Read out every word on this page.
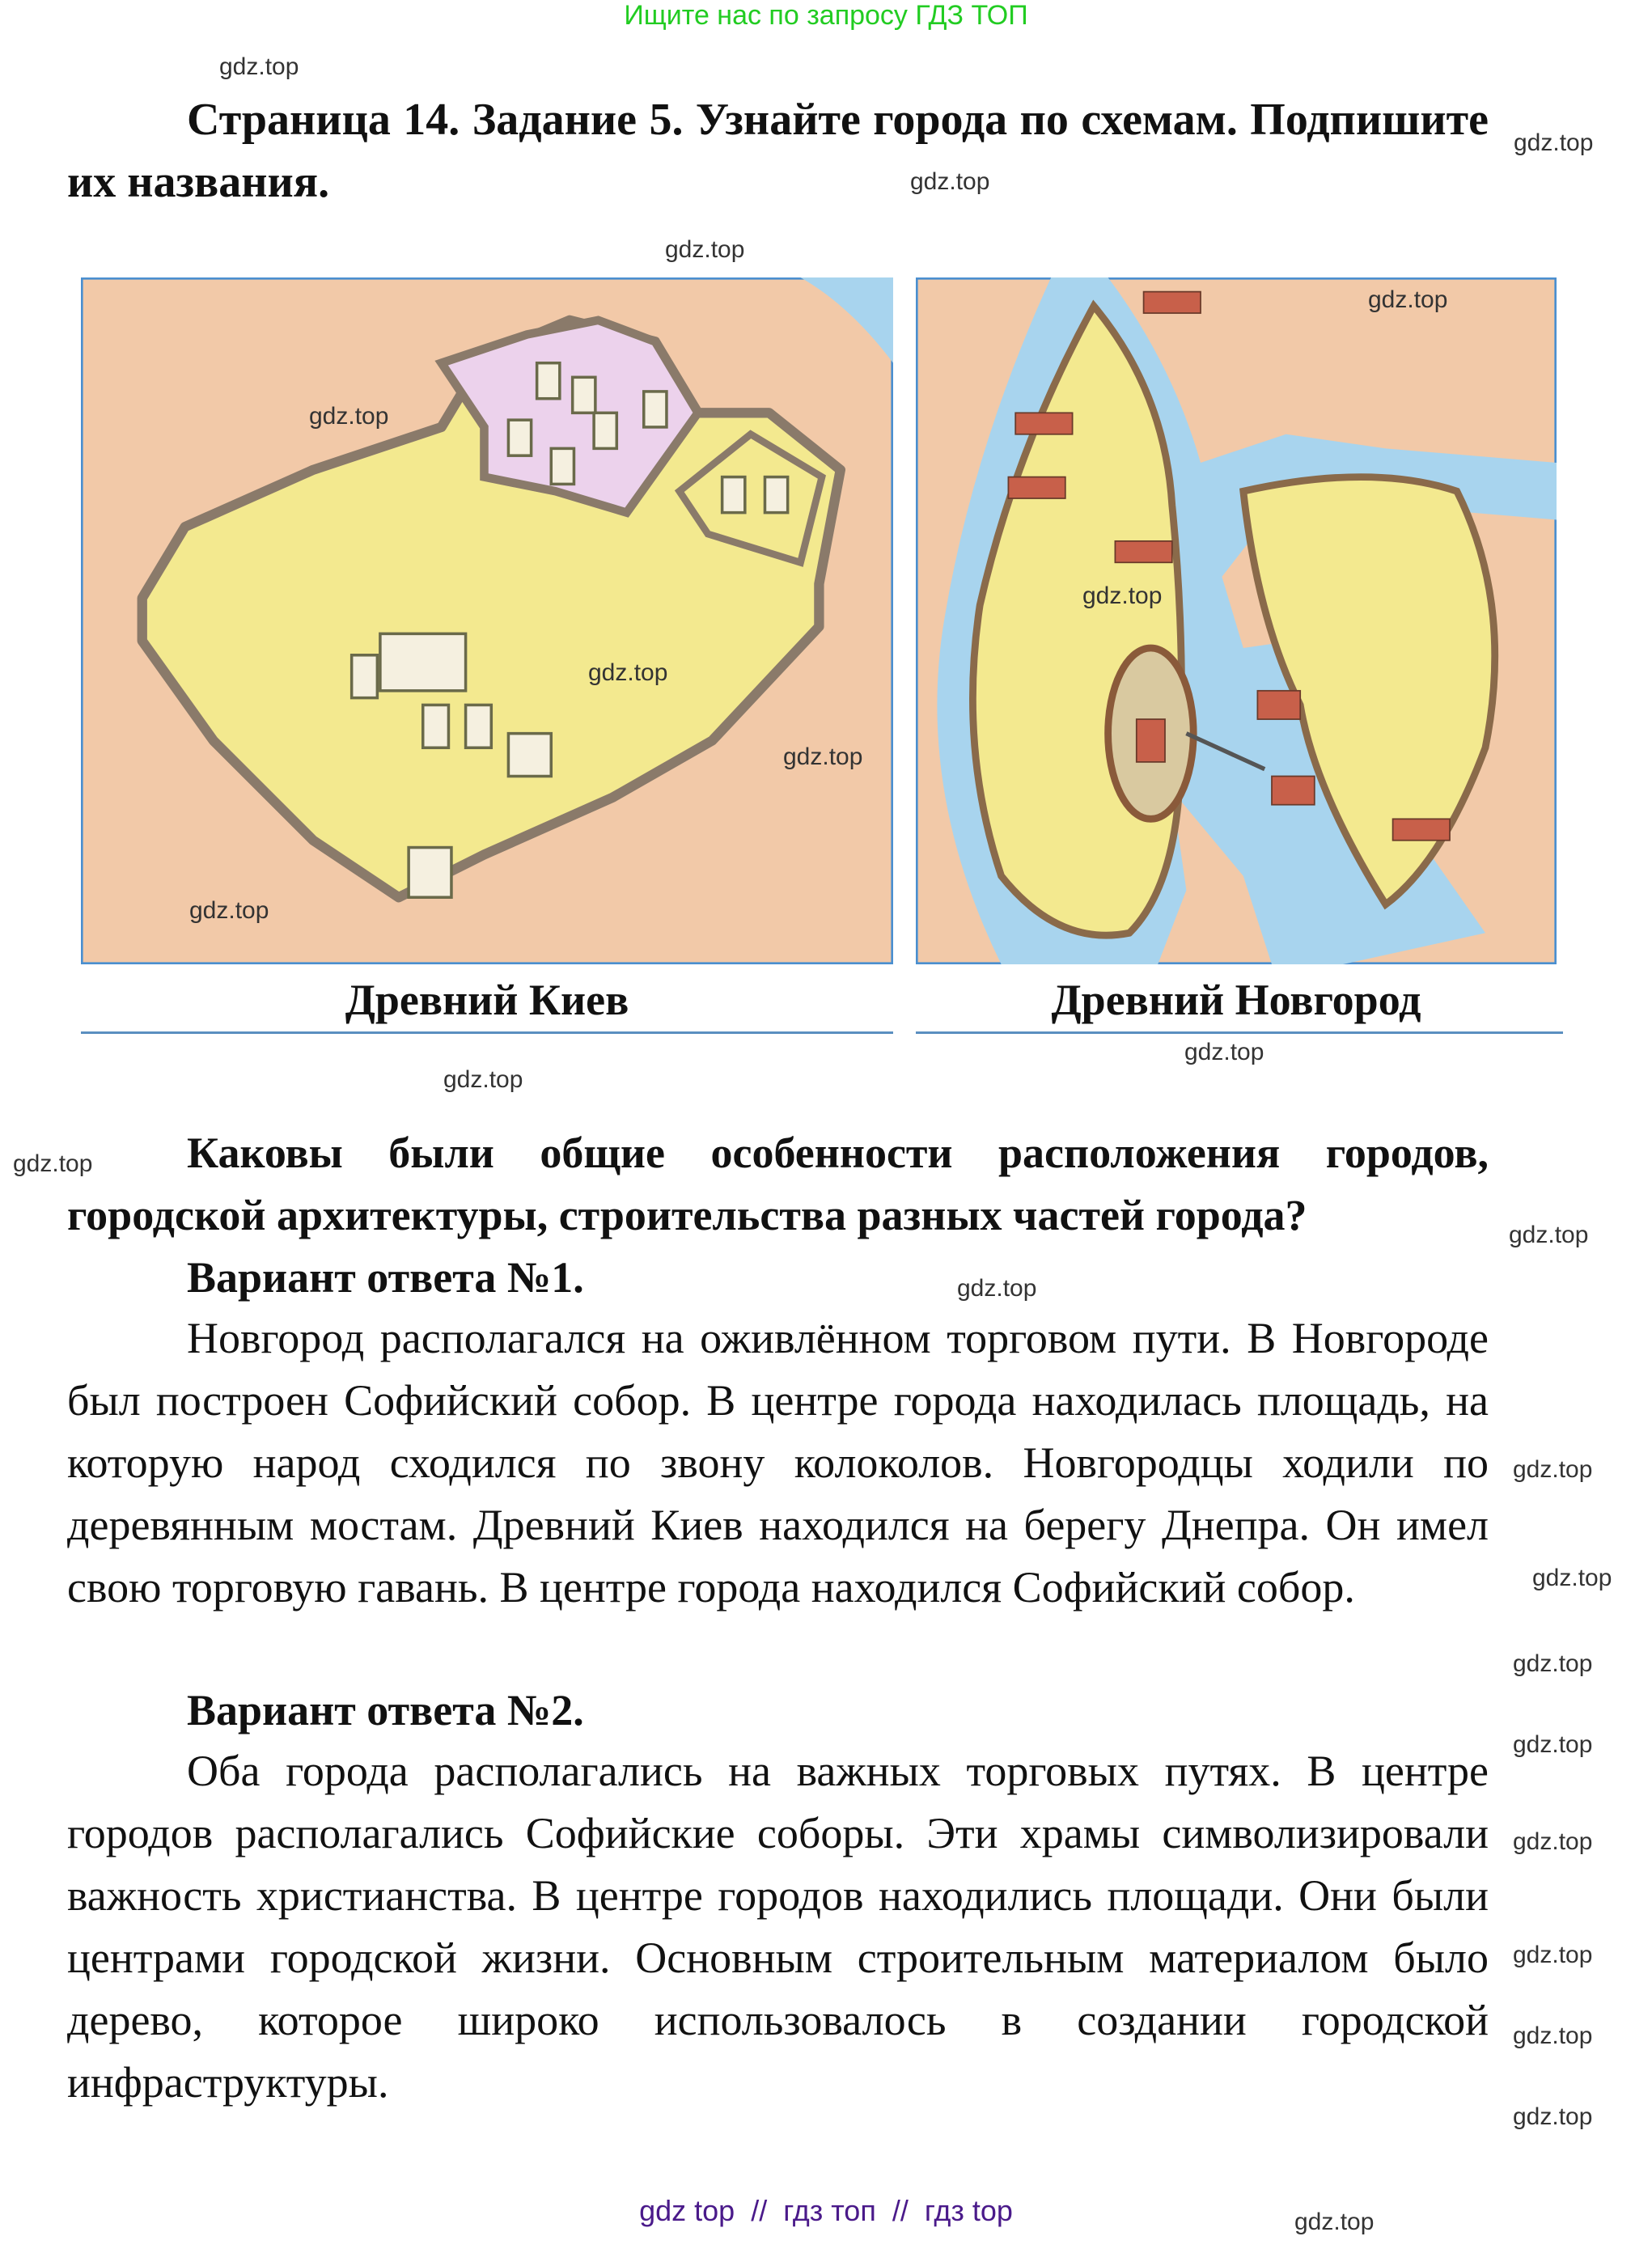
Ищите нас по запросу ГДЗ ТОП
Страница 14. Задание 5. Узнайте города по схемам. Подпишите их названия.
Древний Киев	Древний Новгород
Каковы были общие особенности расположения городов, городской архитектуры, строительства разных частей города?
Вариант ответа №1.
Новгород располагался на оживлённом торговом пути. В Новгороде был построен Софийский собор. В центре города находилась площадь, на которую народ сходился по звону колоколов. Новгородцы ходили по деревянным мостам. Древний Киев находился на берегу Днепра. Он имел свою торговую гавань. В центре города находился Софийский собор.
Вариант ответа №2.
Оба города располагались на важных торговых путях. В центре городов располагались Софийские соборы. Эти храмы символизировали важность христианства. В центре городов находились площади. Они были центрами городской жизни. Основным строительным материалом было дерево, которое широко использовалось в создании городской инфраструктуры.
gdz top  //  гдз топ  //  гдз top
gdz.top
gdz.top
gdz.top
gdz.top
gdz.top
gdz.top
gdz.top
gdz.top
gdz.top
gdz.top
gdz.top
gdz.top
gdz.top
gdz.top
gdz.top
gdz.top
gdz.top
gdz.top
gdz.top
gdz.top
gdz.top
gdz.top
gdz.top
gdz.top
